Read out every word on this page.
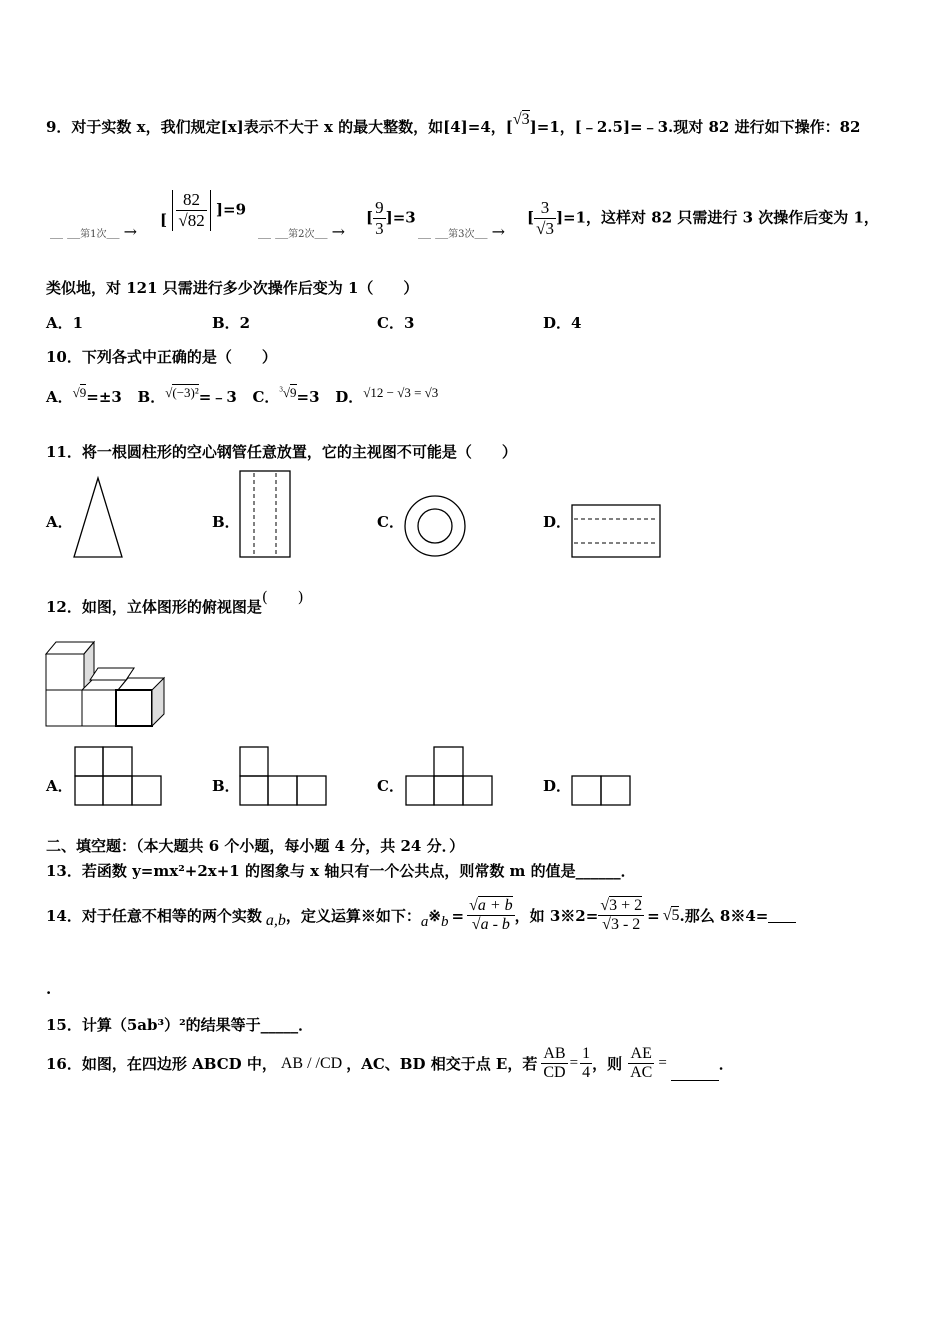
9．对于实数 x，我们规定[x]表示不大于 x 的最大整数，如[4]=4，[√3]=1，[﹣2.5]=﹣3.现对 82 进行如下操作：82
＿ ＿第1次＿ →
[ $\frac{82}{√82} ]=9$
＿ ＿第2次＿ →
[ $\frac{9}{3} ]=3$
＿ ＿第3次＿ →
[ $\frac{3}{√3} ]=1$，这样对 82 只需进行 3 次操作后变为 1，
类似地，对 121 只需进行多少次操作后变为 1（　　）
A．1	B．2	C．3	D．4
10．下列各式中正确的是（　　）
A．√9=±3 B．√(−3)²=﹣3 C．$^3$√9=3 D．√12 − √3 = √3
11．将一根圆柱形的空心钢管任意放置，它的主视图不可能是（　　）
A．	B．	C．	D．
12．如图，立体图形的俯视图是(　　)
A．	B．	C．	D．
二、填空题：（本大题共 6 个小题，每小题 4 分，共 24 分．）
13．若函数 y=mx²+2x+1 的图象与 x 轴只有一个公共点，则常数 m 的值是______．
14．对于任意不相等的两个实数 a,b ，定义运算※如下： a ※ $b = \frac{√a + b}{√a - b}$ ，如 3※2= $\frac{√3 + 2}{√3 - 2} = √5$ .那么 8※4=
.
15．计算（5ab³）²的结果等于_____．
16．如图，在四边形 ABCD 中， AB / /CD ，AC、BD 相交于点 E，若 $\frac{AB}{CD} = \frac{1}{4}$ ，则 $\frac{AE}{AC}$ =	．
